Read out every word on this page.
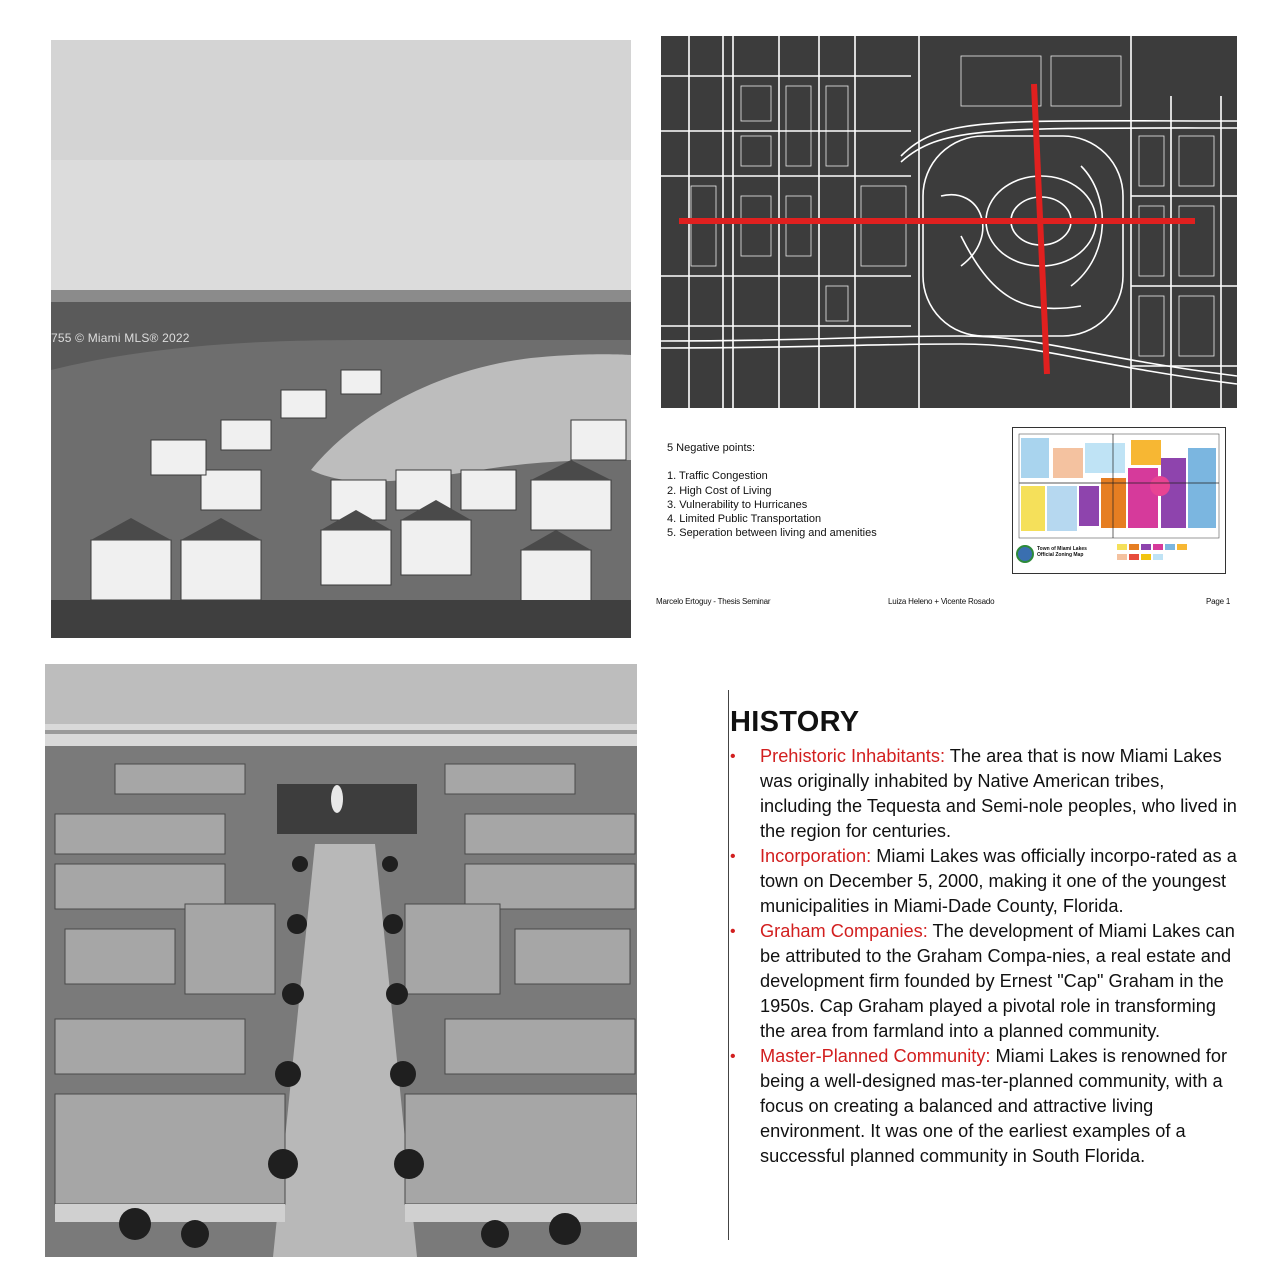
755 © Miami MLS® 2022
5 Negative points:
1. Traffic Congestion
2. High Cost of Living
3. Vulnerability to Hurricanes
4. Limited Public Transportation
5. Seperation between living and amenities
Town of Miami Lakes
Official Zoning Map
Marcelo Ertoguy - Thesis Seminar	Luiza Heleno + Vicente Rosado	Page 1
HISTORY
• Prehistoric Inhabitants: The area that is now Miami Lakes was originally inhabited by Native American tribes, including the Tequesta and Semi-nole peoples, who lived in the region for centuries.
• Incorporation: Miami Lakes was officially incorpo-rated as a town on December 5, 2000, making it one of the youngest municipalities in Miami-Dade County, Florida.
• Graham Companies: The development of Miami Lakes can be attributed to the Graham Compa-nies, a real estate and development firm founded by Ernest "Cap" Graham in the 1950s. Cap Graham played a pivotal role in transforming the area from farmland into a planned community.
• Master-Planned Community: Miami Lakes is renowned for being a well-designed mas-ter-planned community, with a focus on creating a balanced and attractive living environment. It was one of the earliest examples of a successful planned community in South Florida.
